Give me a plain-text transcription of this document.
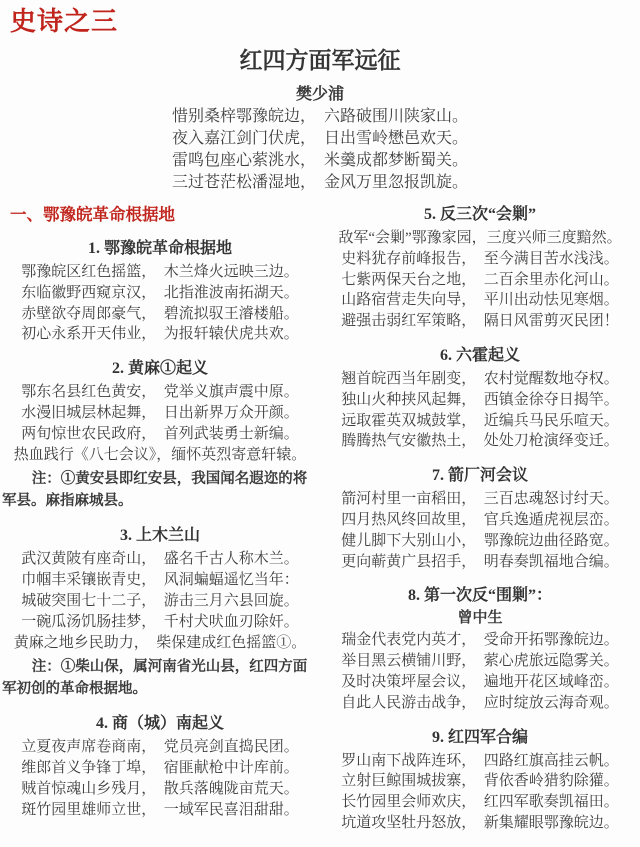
史诗之三
红四方面军远征
樊少浦
惜别桑梓鄂豫皖边，　六路破围川陕家山。
夜入嘉江剑门伏虎，　日出雪岭懋邑欢天。
雷鸣包座心萦洮水，　米羹成都梦断蜀关。
三过苍茫松潘湿地，　金风万里忽报凯旋。
一、鄂豫皖革命根据地
1. 鄂豫皖革命根据地
鄂豫皖区红色摇篮，　木兰烽火远映三边。
东临徽野西窥京汉，　北指淮波南拓湖天。
赤壁欲夺周郎豪气，　碧流拟驭王濬楼船。
初心永系开天伟业，　为报轩辕伏虎共欢。
2. 黄麻①起义
鄂东名县红色黄安，　党举义旗声震中原。
水漫旧城层林起舞，　日出新界万众开颜。
两旬惊世农民政府，　首列武装勇士新编。
热血践行《八七会议》，缅怀英烈寄意轩辕。
注：①黄安县即红安县，我国闻名遐迩的将军县。麻指麻城县。
3. 上木兰山
武汉黄陂有座奇山，　盛名千古人称木兰。
巾帼丰采镶嵌青史，　风洞蝙蝠遥忆当年：
城破突围七十二子，　游击三月六县回旋。
一碗瓜汤饥肠挂梦，　千村犬吠血刃除奸。
黄麻之地乡民助力，　柴保建成红色摇篮①。
注：①柴山保，属河南省光山县，红四方面军初创的革命根据地。
4. 商（城）南起义
立夏夜声席卷商南，　党员亮剑直捣民团。
维郎首义争锋丁埠，　宿匪献枪中计库前。
贼首惊魂山乡残月，　散兵落魄陇亩荒天。
斑竹园里雄师立世，　一域军民喜泪甜甜。
5. 反三次“会剿”
敌军“会剿”鄂豫家园，三度兴师三度黯然。
史料犹存前峰报告，　至今满目苦水浅浅。
七紫两保天台之地，　二百余里赤化河山。
山路宿营走失向导，　平川出动怯见寒烟。
避强击弱红军策略，　隔日风雷剪灭民团！
6. 六霍起义
翘首皖西当年剧变，　农村觉醒数地夺权。
独山火种挟风起舞，　西镇金徐夺日揭竿。
远取霍英双城鼓掌，　近编兵马民乐喧天。
腾腾热气安徽热土，　处处刀枪演绎变迁。
7. 箭厂河会议
箭河村里一亩稻田，　三百忠魂怒讨纣天。
四月热风终回故里，　官兵逸遁虎视层峦。
健儿脚下大别山小，　鄂豫皖边曲径路宽。
更向蕲黄广县招手，　明春奏凯福地合编。
8. 第一次反“围剿”：
曾中生
瑞金代表党内英才，　受命开拓鄂豫皖边。
举目黑云横铺川野，　萦心虎旅远隐雾关。
及时决策坪屋会议，　遍地开花区域峰峦。
自此人民游击战争，　应时绽放云海奇观。
9. 红四军合编
罗山南下战阵连环，　四路红旗高挂云帆。
立射巨鲸围城拔寨，　背依香岭猎豹除獾。
长竹园里会师欢庆，　红四军歌奏凯福田。
坑道攻坚牡丹怒放，　新集耀眼鄂豫皖边。
